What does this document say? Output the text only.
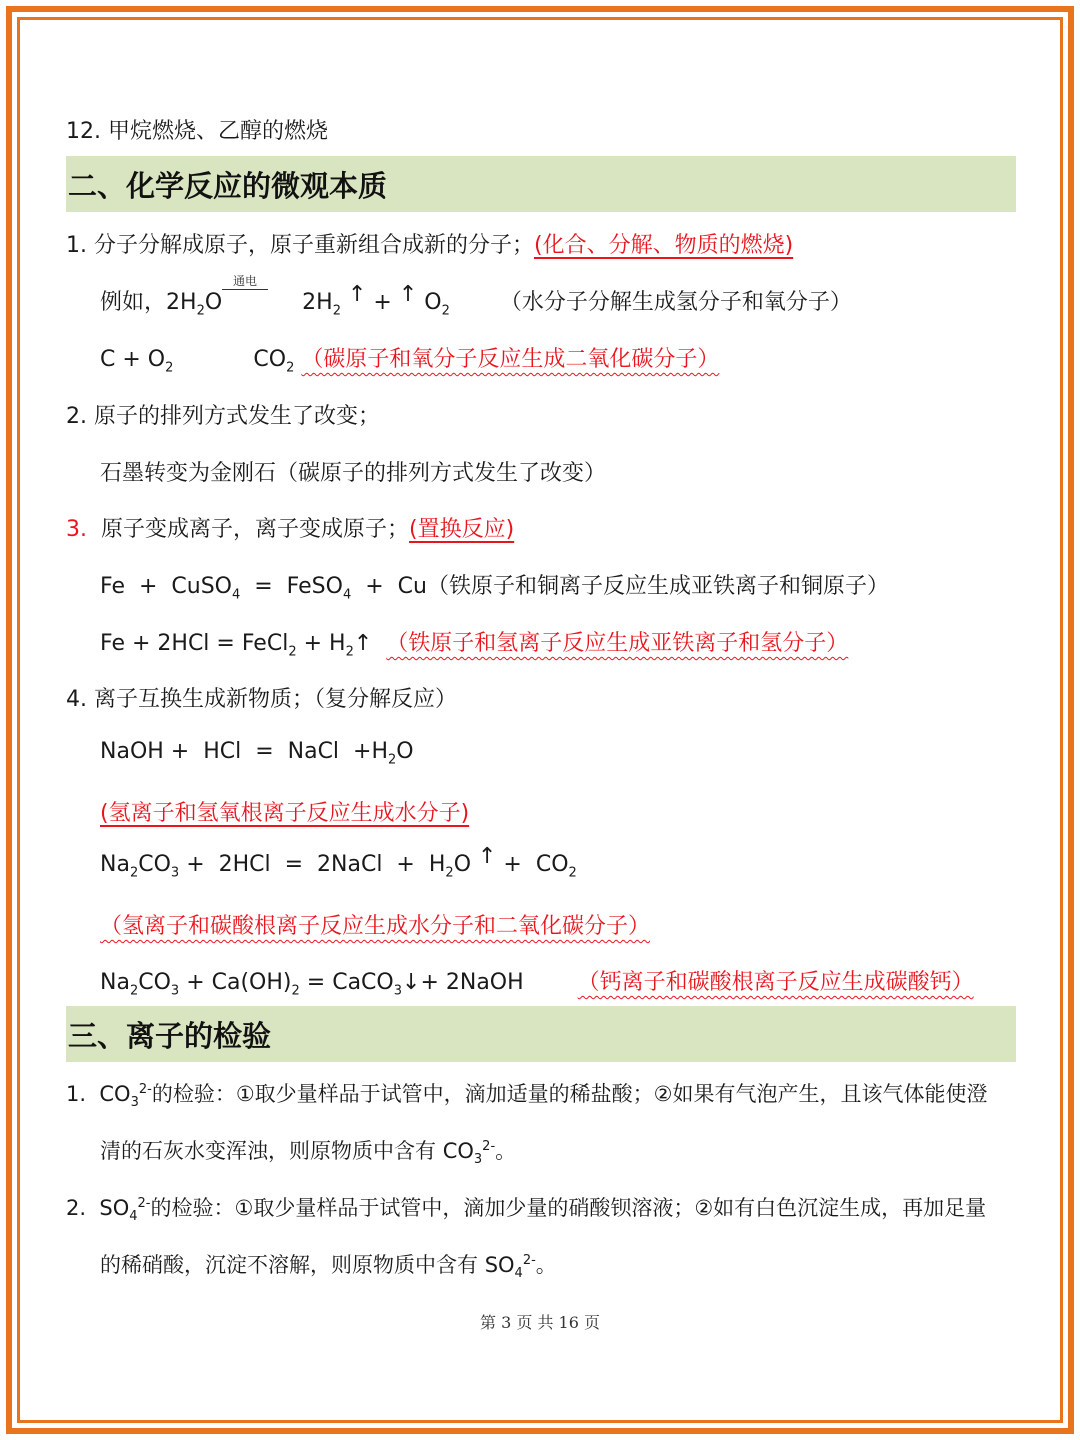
12. 甲烷燃烧、乙醇的燃烧
二、化学反应的微观本质
1. 分子分解成原子，原子重新组合成新的分子；(化合、分解、物质的燃烧)
例如，$2H_2O$
通电
$2H_2$ ↑ + ↑ $O_2$ （水分子分解生成氢分子和氧分子）
$C + O_2$	$CO_2$ （碳原子和氧分子反应生成二氧化碳分子）
2. 原子的排列方式发生了改变；
石墨转变为金刚石（碳原子的排列方式发生了改变）
3. 原子变成离子，离子变成原子；(置换反应)
Fe  +  CuSO$_4$  =  FeSO$_4$  +  Cu（铁原子和铜离子反应生成亚铁离子和铜原子）
Fe + 2HCl = FeCl$_2$ + $H_2↑$  （铁原子和氢离子反应生成亚铁离子和氢分子）
4. 离子互换生成新物质；（复分解反应）
NaOH +  HCl  =  NaCl  $+H_2O$
(氢离子和氢氧根离子反应生成水分子)
$Na_2CO_3 + 2HCl$  =  2NaCl  +  $H_2O$ ↑ +  $CO_2$
（氢离子和碳酸根离子反应生成水分子和二氧化碳分子）
$Na_2CO_3 + Ca(OH)_2$ = CaCO$_3$↓+ 2NaOH （钙离子和碳酸根离子反应生成碳酸钙）
三、离子的检验
1.  $CO_3^{2-}$的检验：①取少量样品于试管中，滴加适量的稀盐酸；②如果有气泡产生，且该气体能使澄
清的石灰水变浑浊，则原物质中含有 $CO_3^{2-}$。
2.  $SO_4^{2-}$的检验：①取少量样品于试管中，滴加少量的硝酸钡溶液；②如有白色沉淀生成，再加足量
的稀硝酸，沉淀不溶解，则原物质中含有 $SO_4^{2-}$。
第 3 页 共 16 页
